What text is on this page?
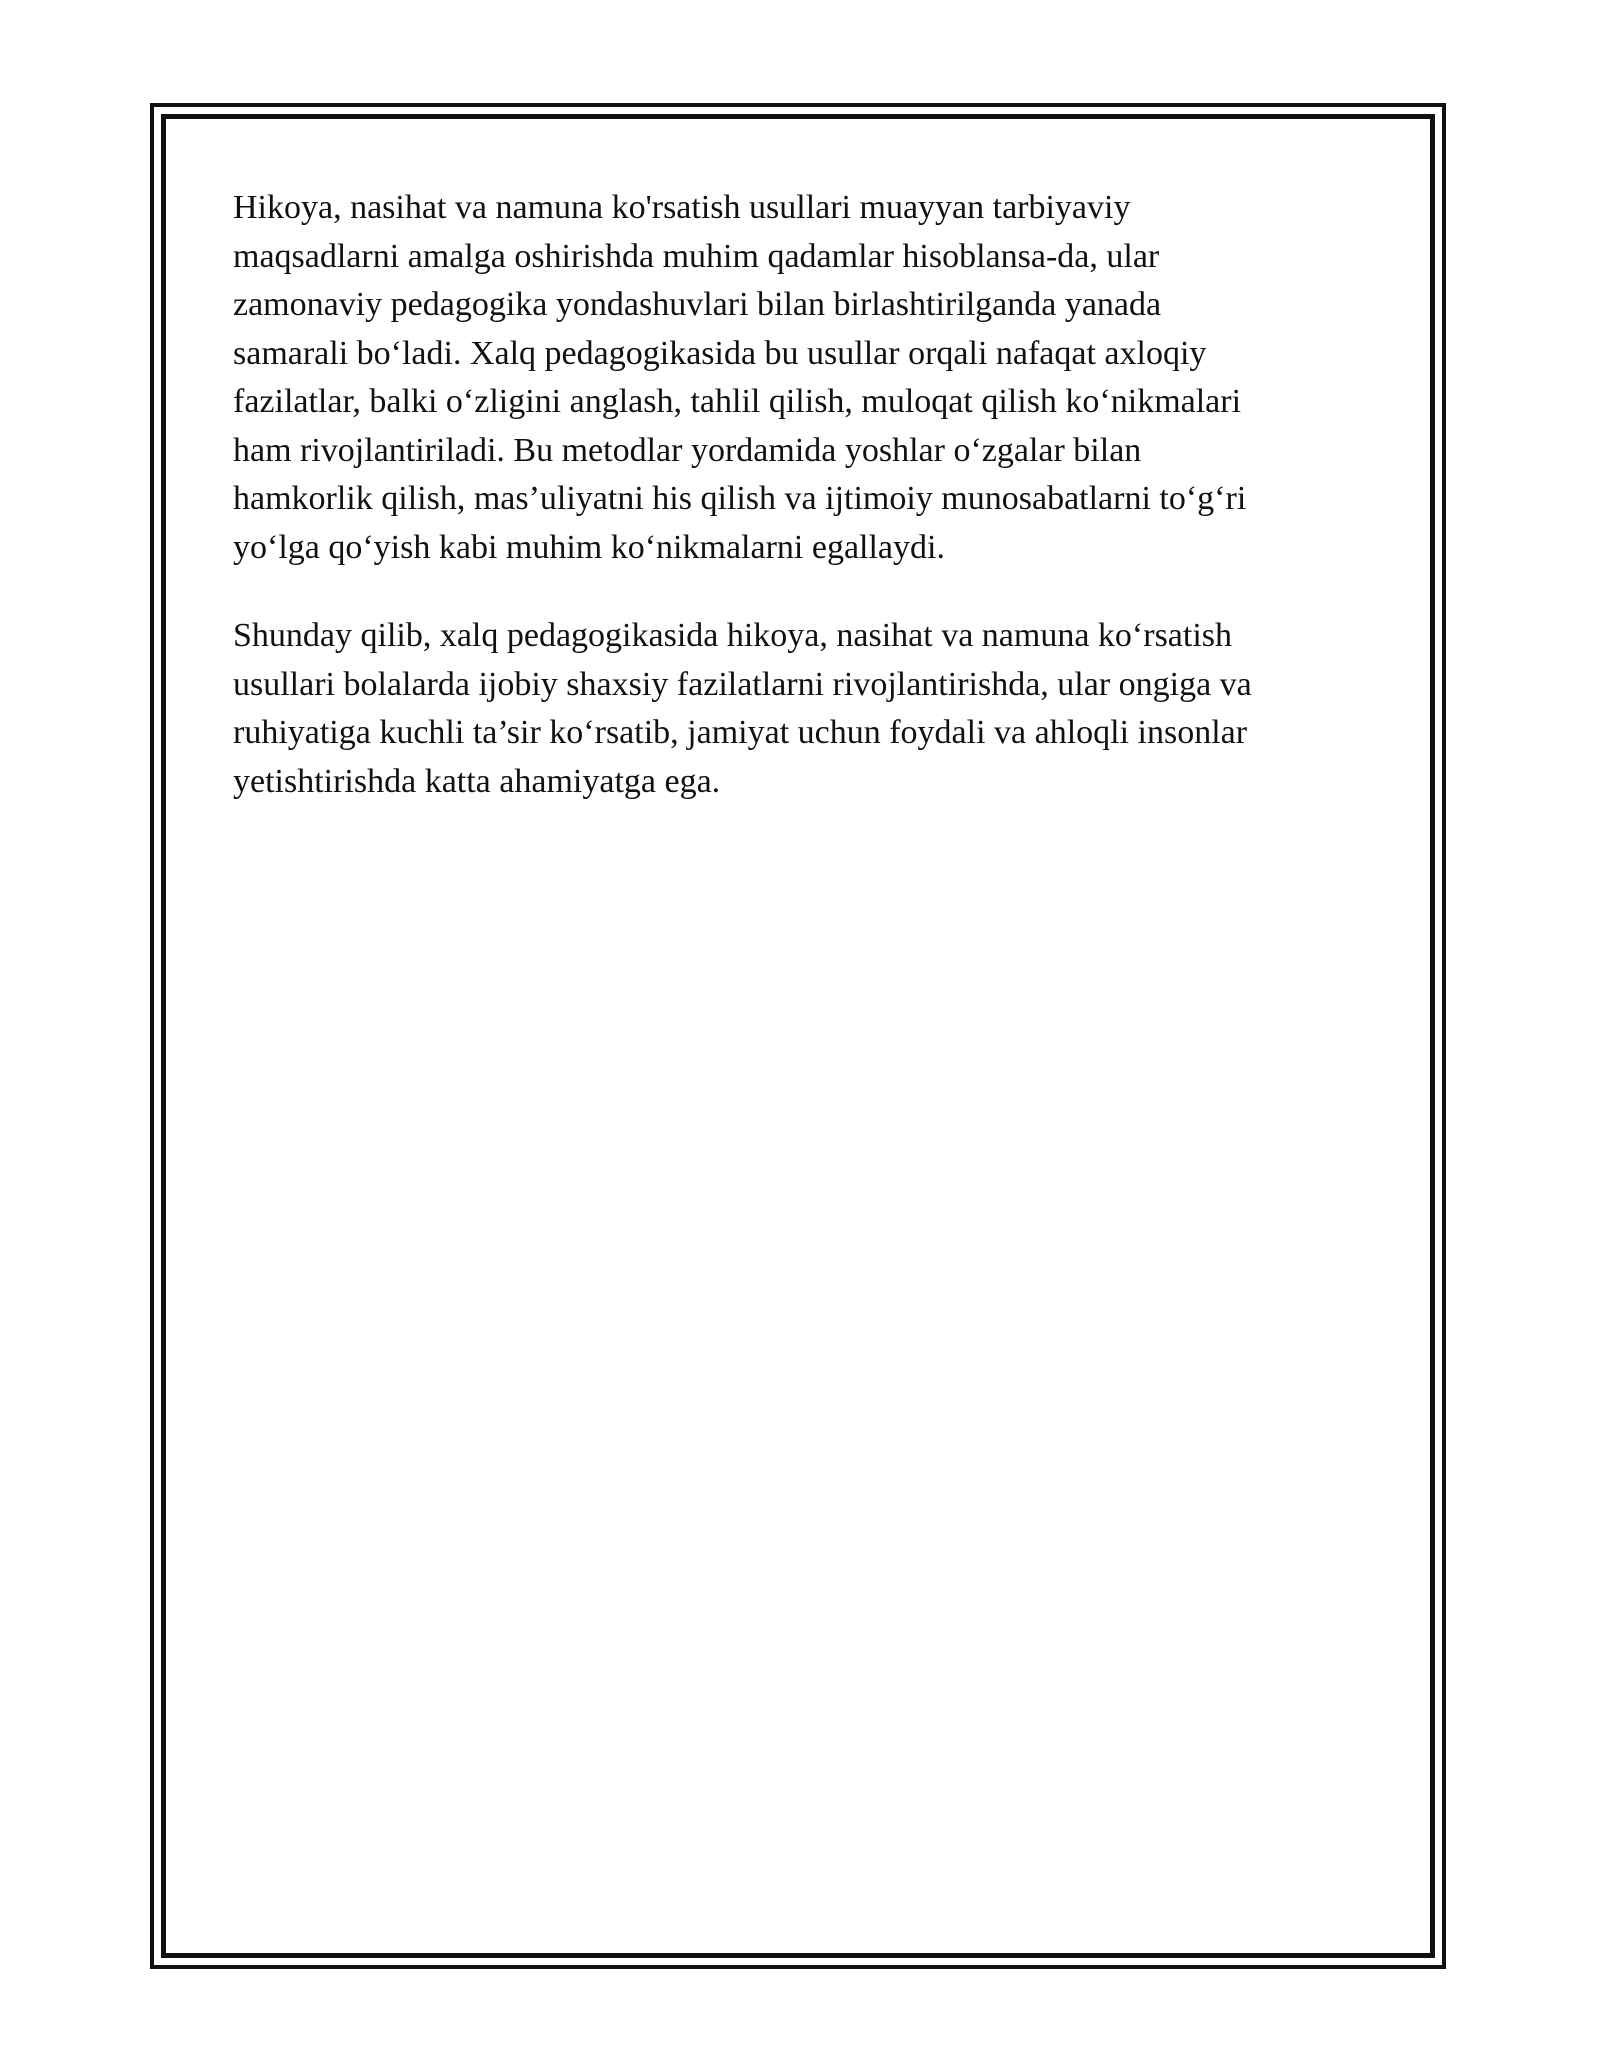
Hikoya, nasihat va namuna ko'rsatish usullari muayyan tarbiyaviy
maqsadlarni amalga oshirishda muhim qadamlar hisoblansa-da, ular
zamonaviy pedagogika yondashuvlari bilan birlashtirilganda yanada
samarali bo‘ladi. Xalq pedagogikasida bu usullar orqali nafaqat axloqiy
fazilatlar, balki o‘zligini anglash, tahlil qilish, muloqat qilish ko‘nikmalari
ham rivojlantiriladi. Bu metodlar yordamida yoshlar o‘zgalar bilan
hamkorlik qilish, mas’uliyatni his qilish va ijtimoiy munosabatlarni to‘g‘ri
yo‘lga qo‘yish kabi muhim ko‘nikmalarni egallaydi.

Shunday qilib, xalq pedagogikasida hikoya, nasihat va namuna ko‘rsatish
usullari bolalarda ijobiy shaxsiy fazilatlarni rivojlantirishda, ular ongiga va
ruhiyatiga kuchli ta’sir ko‘rsatib, jamiyat uchun foydali va ahloqli insonlar
yetishtirishda katta ahamiyatga ega.
